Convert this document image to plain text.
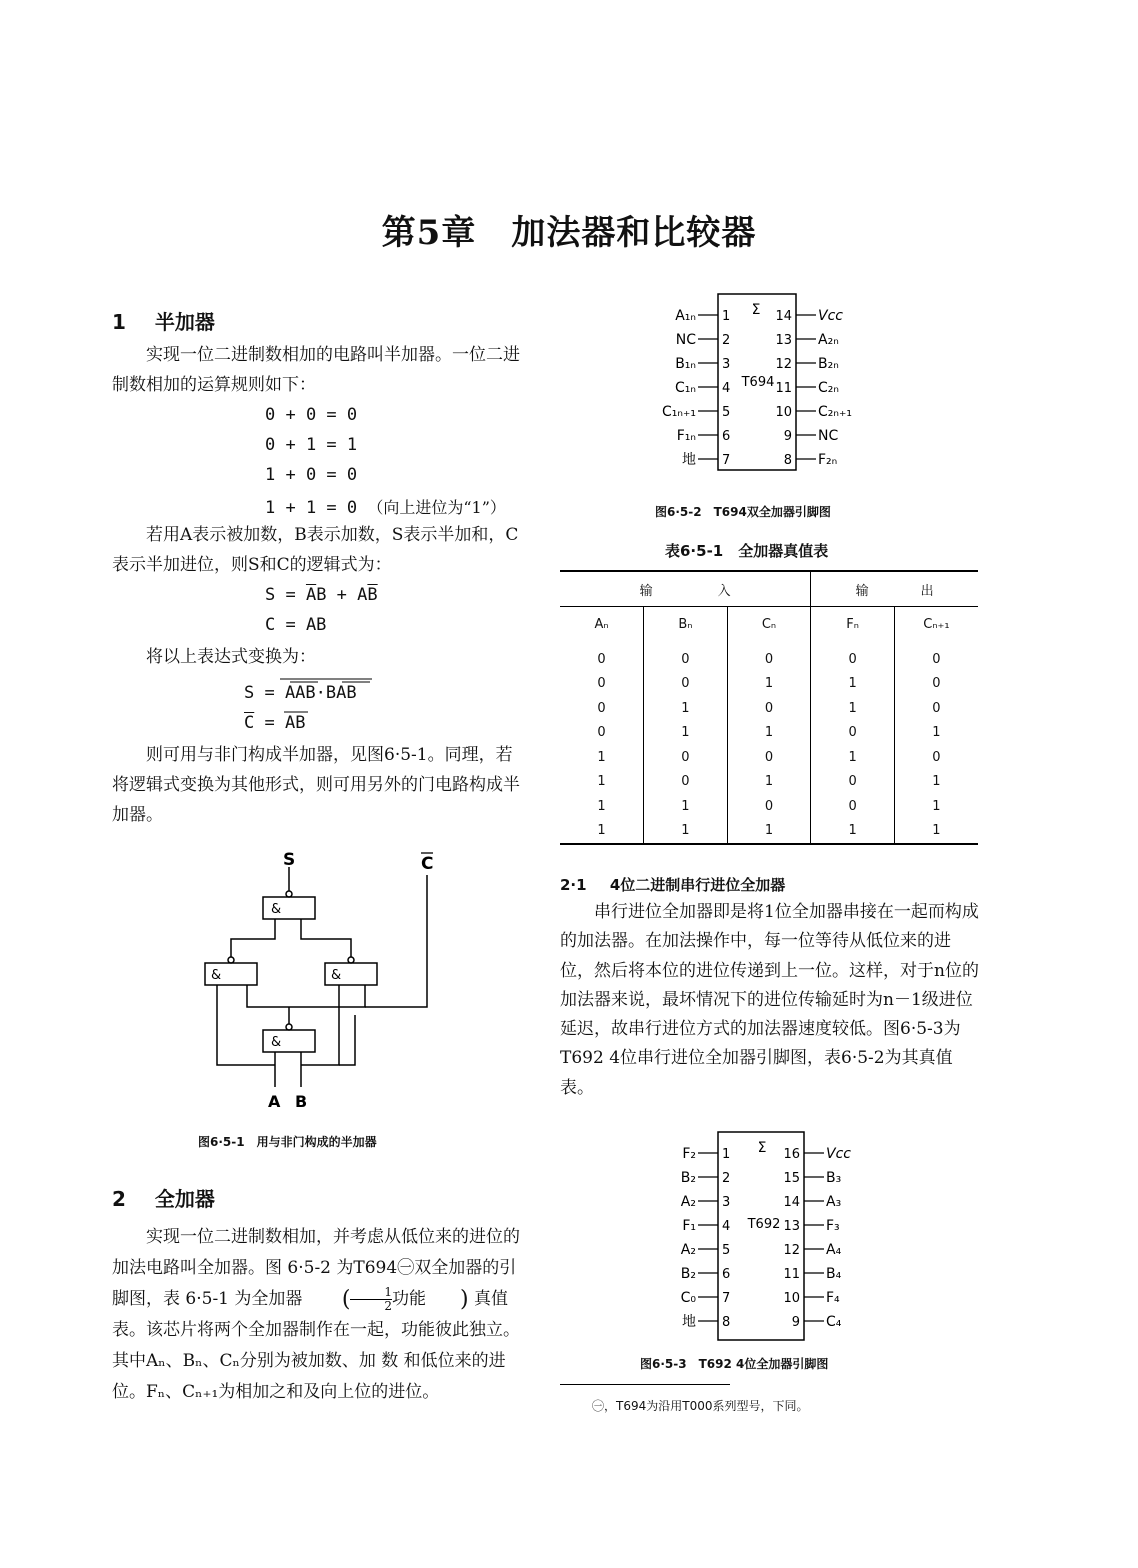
第5章　加法器和比较器
1 半加器
实现一位二进制数相加的电路叫半加器。一位二进制数相加的运算规则如下：
0 + 0 = 0
0 + 1 = 1
1 + 0 = 0
1 + 1 = 0 （向上进位为“1”）
若用A表示被加数，B表示加数，S表示半加和，C表示半加进位，则S和C的逻辑式为：
$S = \overline{A}B + A\overline{B}$
C = AB
将以上表达式变换为：
S = AAB·BAB
$\overline{C}$ = AB
则可用与非门构成半加器，见图6·5-1。同理，若将逻辑式变换为其他形式，则可用另外的门电路构成半加器。
S	C
&
&	&
&
A B
图6·5-1　用与非门构成的半加器
2 全加器
实现一位二进制数相加，并考虑从低位来的进位的加法电路叫全加器。图 6·5-2 为T694㊀双全加器的引脚图，表 6·5-1 为全加器 ( $\frac{1}{2}$ 功能 ) 真值表。该芯片将两个全加器制作在一起，功能彼此独立。其中Aₙ、Bₙ、Cₙ分别为被加数、加 数 和低位来的进位。Fₙ、Cₙ₊₁为相加之和及向上位的进位。
1
A₁ₙ
2
NC
3
B₁ₙ
4
C₁ₙ
5
C₁ₙ₊₁
6
F₁ₙ
7
地
14 Vcc
13 A₂ₙ
12 B₂ₙ
11 C₂ₙ
10 C₂ₙ₊₁
9 NC
8 F₂ₙ
Σ
T694
图6·5-2　T694双全加器引脚图
表6·5-1　全加器真值表
输　　　　　入			输　　　　出	
Aₙ	Bₙ	Cₙ	Fₙ	Cₙ₊₁
0	0	0	0	0
0	0	1	1	0
0	1	0	1	0
0	1	1	0	1
1	0	0	1	0
1	0	1	0	1
1	1	0	0	1
1	1	1	1	1
2·1 4位二进制串行进位全加器
串行进位全加器即是将1位全加器串接在一起而构成的加法器。在加法操作中，每一位等待从低位来的进位，然后将本位的进位传递到上一位。这样，对于n位的加法器来说，最坏情况下的进位传输延时为n－1级进位延迟，故串行进位方式的加法器速度较低。图6·5-3为T692 4位串行进位全加器引脚图，表6·5-2为其真值表。
1
F₂
2
B₂
3
A₂
4
F₁
5
A₂
6
B₂
7
C₀
8
地
16 Vcc
15 B₃
14 A₃
13 F₃
12 A₄
11 B₄
10 F₄
9 C₄
Σ
T692
图6·5-3　T692 4位全加器引脚图
㊀，T694为沿用T000系列型号，下同。
